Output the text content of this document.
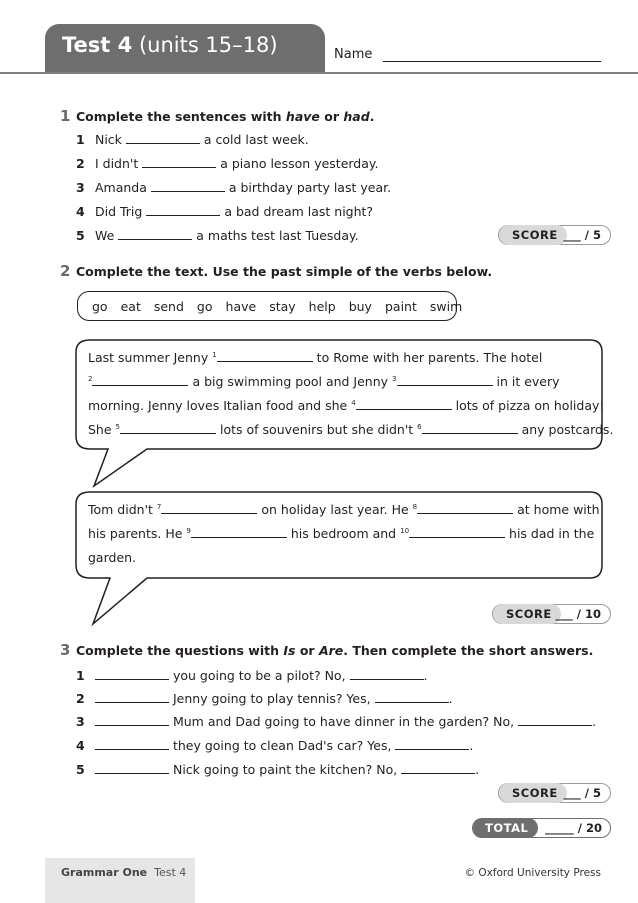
Test 4 (units 15–18)	Name
1 Complete the sentences with have or had.
1 Nick	a cold last week.
2 I didn't	a piano lesson yesterday.
3 Amanda	a birthday party last year.
4 Did Trig	a bad dream last night?
5 We	a maths test last Tuesday.	SCORE ___ / 5
2 Complete the text. Use the past simple of the verbs below.
go eat send go have stay help buy paint swim
Last summer Jenny $^1$	to Rome with her parents. The hotel
$^2$	a big swimming pool and Jenny $^3$	in it every
morning. Jenny loves Italian food and she $^4$	lots of pizza on holiday!
She $^5$	lots of souvenirs but she didn't $^6$	any postcards.
Tom didn't $^7$	on holiday last year. He $^8$	at home with
his parents. He $^9$	his bedroom and $^{10}$	his dad in the
garden.
SCORE ___ / 10
3 Complete the questions with Is or Are. Then complete the short answers.
1	you going to be a pilot? No,	.
2	Jenny going to play tennis? Yes,	.
3	Mum and Dad going to have dinner in the garden? No,	.
4	they going to clean Dad's car? Yes,	.
5	Nick going to paint the kitchen? No,	.
SCORE ___ / 5
TOTAL	_____ / 20
Grammar One Test 4	© Oxford University Press
